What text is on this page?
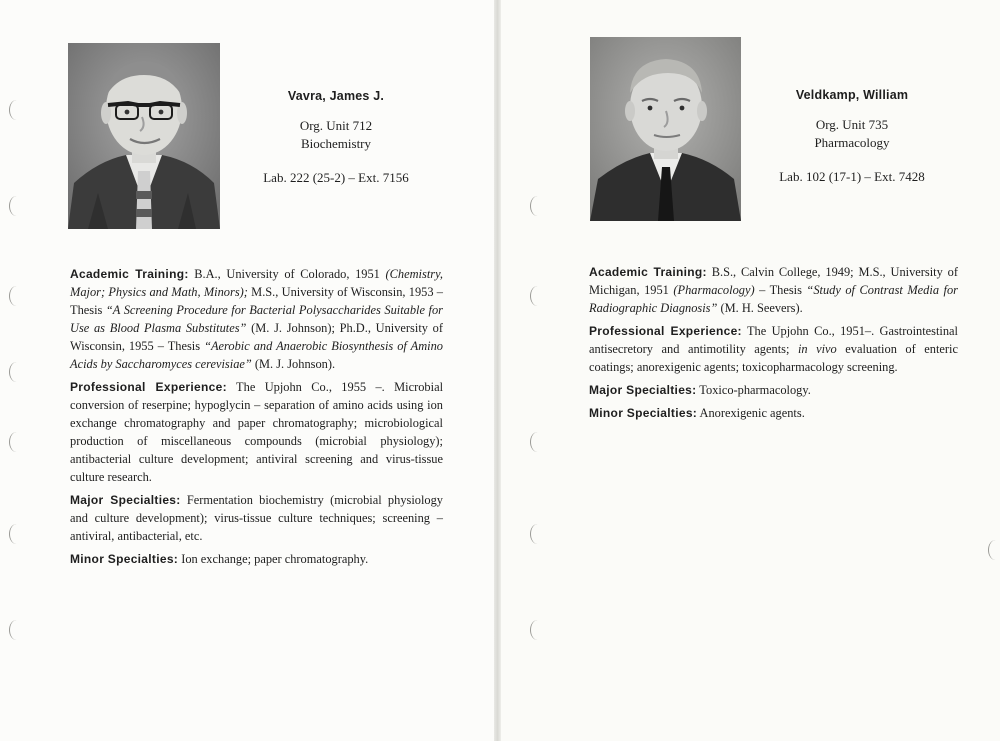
Vavra, James J.
Org. Unit 712
Biochemistry
Lab. 222 (25-2) – Ext. 7156

Academic Training: B.A., University of Colorado, 1951 (Chemistry, Major; Physics and Math, Minors); M.S., University of Wisconsin, 1953 – Thesis “A Screening Procedure for Bacterial Polysaccharides Suitable for Use as Blood Plasma Substitutes” (M. J. Johnson); Ph.D., University of Wisconsin, 1955 – Thesis “Aerobic and Anaerobic Biosynthesis of Amino Acids by Saccharomyces cerevisiae” (M. J. Johnson).

Professional Experience: The Upjohn Co., 1955 –. Microbial conversion of reserpine; hypoglycin – separation of amino acids using ion exchange chromatography and paper chromatography; microbiological production of miscellaneous compounds (microbial physiology); antibacterial culture development; antiviral screening and virus-tissue culture research.

Major Specialties: Fermentation biochemistry (microbial physiology and culture development); virus-tissue culture techniques; screening – antiviral, antibacterial, etc.

Minor Specialties: Ion exchange; paper chromatography.

Veldkamp, William
Org. Unit 735
Pharmacology
Lab. 102 (17-1) – Ext. 7428

Academic Training: B.S., Calvin College, 1949; M.S., University of Michigan, 1951 (Pharmacology) – Thesis “Study of Contrast Media for Radiographic Diagnosis” (M. H. Seevers).

Professional Experience: The Upjohn Co., 1951–. Gastrointestinal antisecretory and antimotility agents; in vivo evaluation of enteric coatings; anorexigenic agents; toxicopharmacology screening.

Major Specialties: Toxico-pharmacology.

Minor Specialties: Anorexigenic agents.
